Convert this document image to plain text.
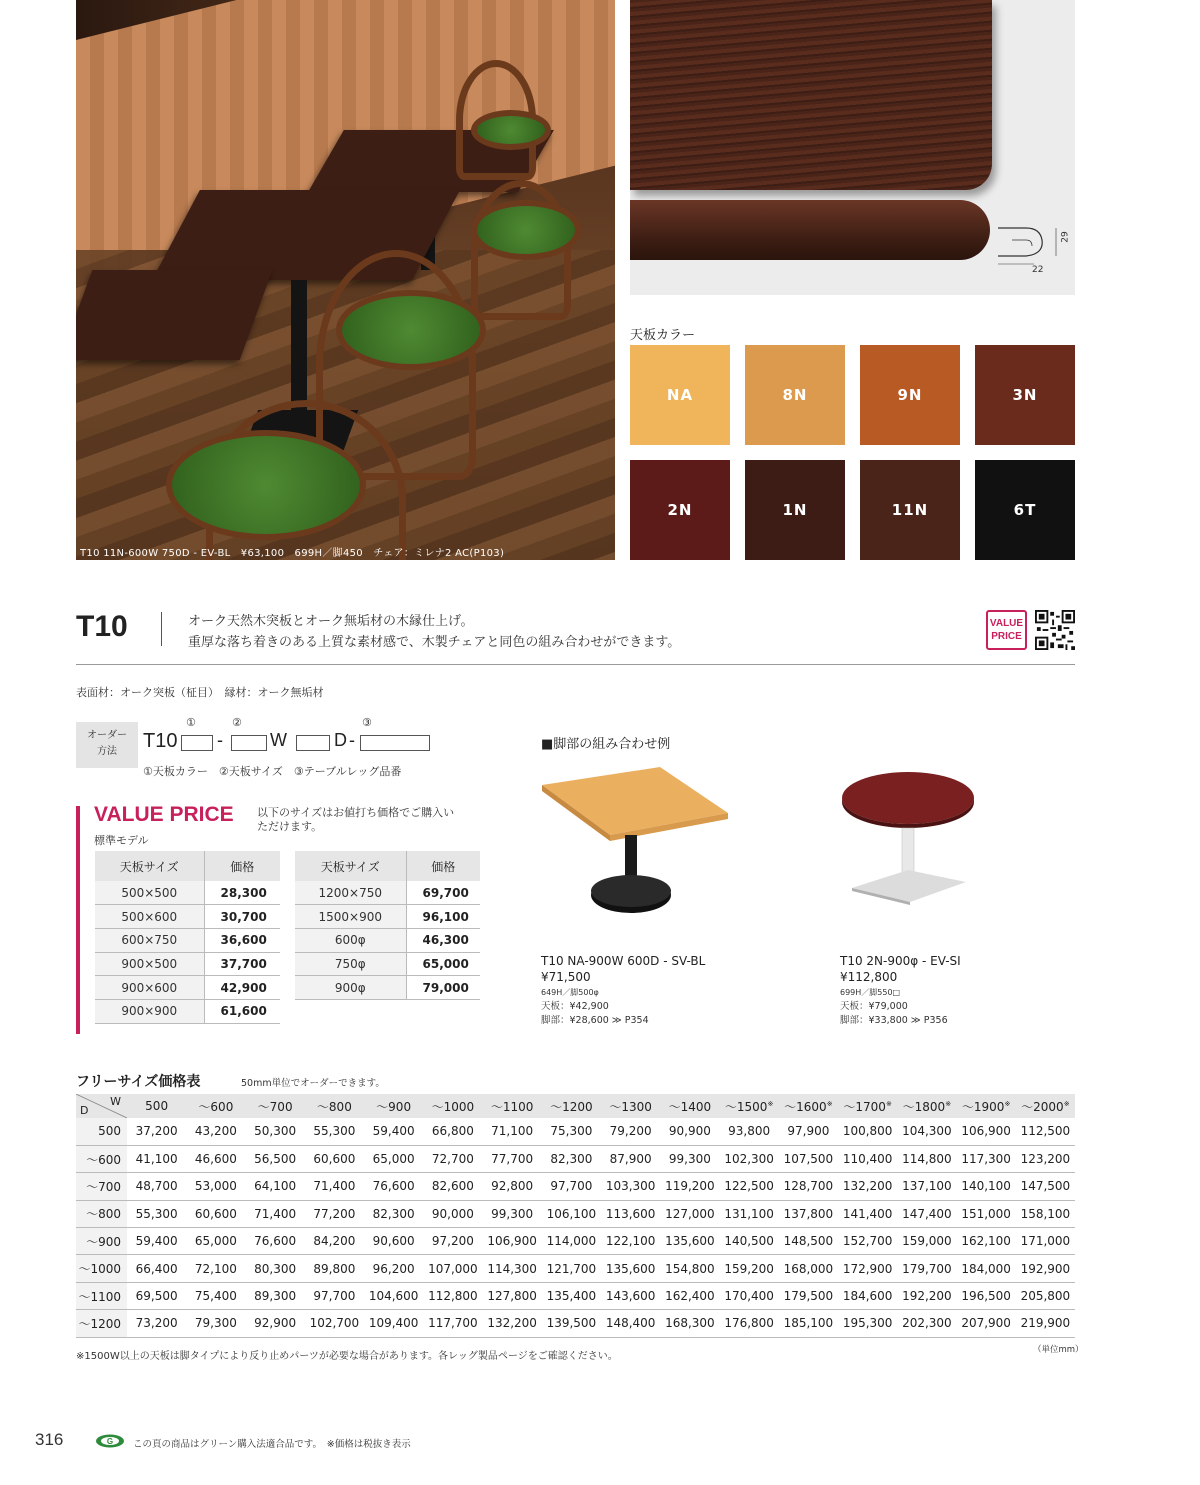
T10 11N-600W 750D - EV-BL　¥63,100　699H／脚450　チェア：ミレナ2 AC(P103)
22
29
天板カラー
NA	8N	9N	3N
2N	1N	11N	6T
T10	オーク天然木突板とオーク無垢材の木縁仕上げ。
重厚な落ち着きのある上質な素材感で、木製チェアと同色の組み合わせができます。
VALUE
PRICE
表面材：オーク突板（柾目）　縁材：オーク無垢材
オーダー
方法	T10
①
-
②
W	D -
③
①天板カラー　②天板サイズ　③テーブルレッグ品番
VALUE PRICE 以下のサイズはお値打ち価格でご購入いただけます。
標準モデル
天板サイズ	価格
500×500	28,300
500×600	30,700
600×750	36,600
900×500	37,700
900×600	42,900
900×900	61,600
天板サイズ	価格
1200×750	69,700
1500×900	96,100
600φ	46,300
750φ	65,000
900φ	79,000
■脚部の組み合わせ例
T10 NA-900W 600D - SV-BL
¥71,500
649H／脚500φ
天板：¥42,900
脚部：¥28,600 ≫ P354
T10 2N-900φ - EV-SI
¥112,800
699H／脚550□
天板：¥79,000
脚部：¥33,800 ≫ P356
フリーサイズ価格表	50mm単位でオーダーできます。
W
D	500	～600	～700	～800	～900	～1000	～1100	～1200	～1300	～1400	～1500※	～1600※	～1700※	～1800※	～1900※	～2000※
500	37,200	43,200	50,300	55,300	59,400	66,800	71,100	75,300	79,200	90,900	93,800	97,900	100,800	104,300	106,900	112,500
～600	41,100	46,600	56,500	60,600	65,000	72,700	77,700	82,300	87,900	99,300	102,300	107,500	110,400	114,800	117,300	123,200
～700	48,700	53,000	64,100	71,400	76,600	82,600	92,800	97,700	103,300	119,200	122,500	128,700	132,200	137,100	140,100	147,500
～800	55,300	60,600	71,400	77,200	82,300	90,000	99,300	106,100	113,600	127,000	131,100	137,800	141,400	147,400	151,000	158,100
～900	59,400	65,000	76,600	84,200	90,600	97,200	106,900	114,000	122,100	135,600	140,500	148,500	152,700	159,000	162,100	171,000
～1000	66,400	72,100	80,300	89,800	96,200	107,000	114,300	121,700	135,600	154,800	159,200	168,000	172,900	179,700	184,000	192,900
～1100	69,500	75,400	89,300	97,700	104,600	112,800	127,800	135,400	143,600	162,400	170,400	179,500	184,600	192,200	196,500	205,800
～1200	73,200	79,300	92,900	102,700	109,400	117,700	132,200	139,500	148,400	168,300	176,800	185,100	195,300	202,300	207,900	219,900
（単位mm）
※1500W以上の天板は脚タイプにより反り止めパーツが必要な場合があります。各レッグ製品ページをご確認ください。
316	G この頁の商品はグリーン購入法適合品です。　※価格は税抜き表示
